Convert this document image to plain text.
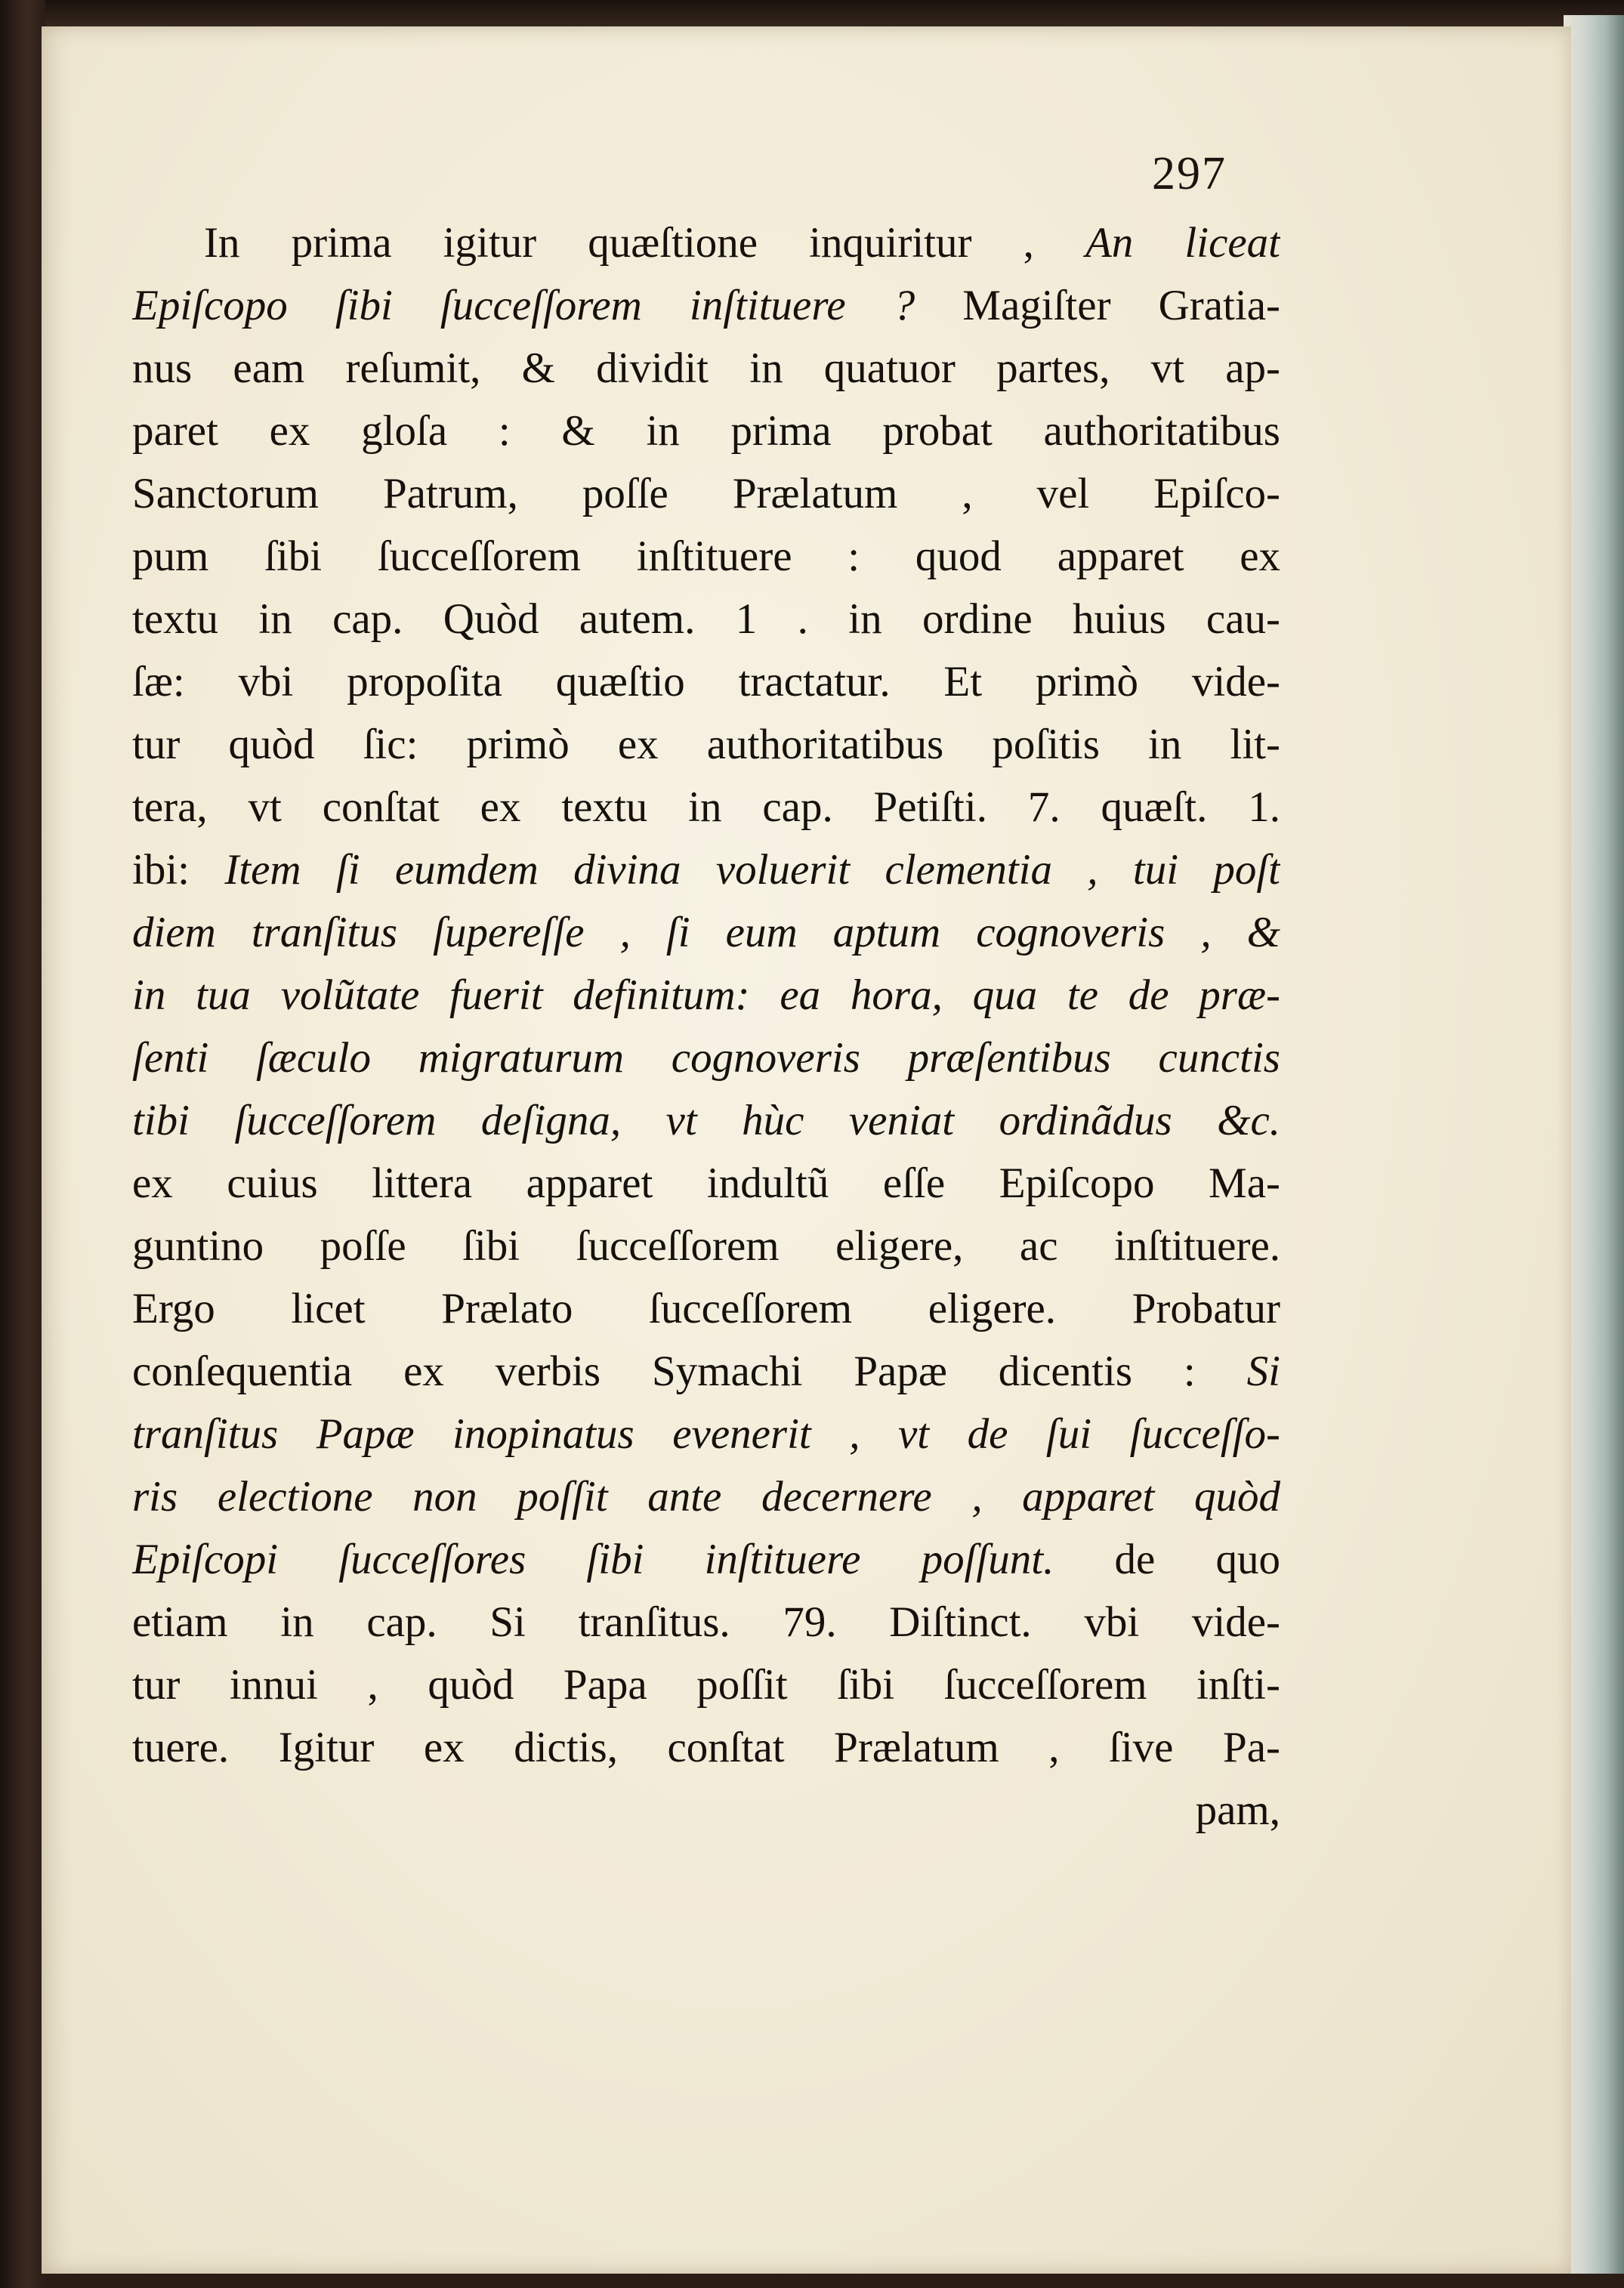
297
In prima igitur quæſtione inquiritur , An liceat
Epiſcopo ſibi ſucceſſorem inſtituere ? Magiſter Gratia-
nus eam reſumit, & dividit in quatuor partes, vt ap-
paret ex gloſa : & in prima probat authoritatibus
Sanctorum Patrum, poſſe Prælatum , vel Epiſco-
pum ſibi ſucceſſorem inſtituere : quod apparet ex
textu in cap. Quòd autem. 1 . in ordine huius cau-
ſæ: vbi propoſita quæſtio tractatur. Et primò vide-
tur quòd ſic: primò ex authoritatibus poſitis in lit-
tera, vt conſtat ex textu in cap. Petiſti. 7. quæſt. 1.
ibi: Item ſi eumdem divina voluerit clementia , tui poſt
diem tranſitus ſupereſſe , ſi eum aptum cognoveris , &
in tua volũtate fuerit definitum: ea hora, qua te de præ-
ſenti ſæculo migraturum cognoveris præſentibus cunctis
tibi ſucceſſorem deſigna, vt hùc veniat ordinãdus &c.
ex cuius littera apparet indultũ eſſe Epiſcopo Ma-
guntino poſſe ſibi ſucceſſorem eligere, ac inſtituere.
Ergo licet Prælato ſucceſſorem eligere. Probatur
conſequentia ex verbis Symachi Papæ dicentis : Si
tranſitus Papæ inopinatus evenerit , vt de ſui ſucceſſo-
ris electione non poſſit ante decernere , apparet quòd
Epiſcopi ſucceſſores ſibi inſtituere poſſunt. de quo
etiam in cap. Si tranſitus. 79. Diſtinct. vbi vide-
tur innui , quòd Papa poſſit ſibi ſucceſſorem inſti-
tuere. Igitur ex dictis, conſtat Prælatum , ſive Pa-
pam,
